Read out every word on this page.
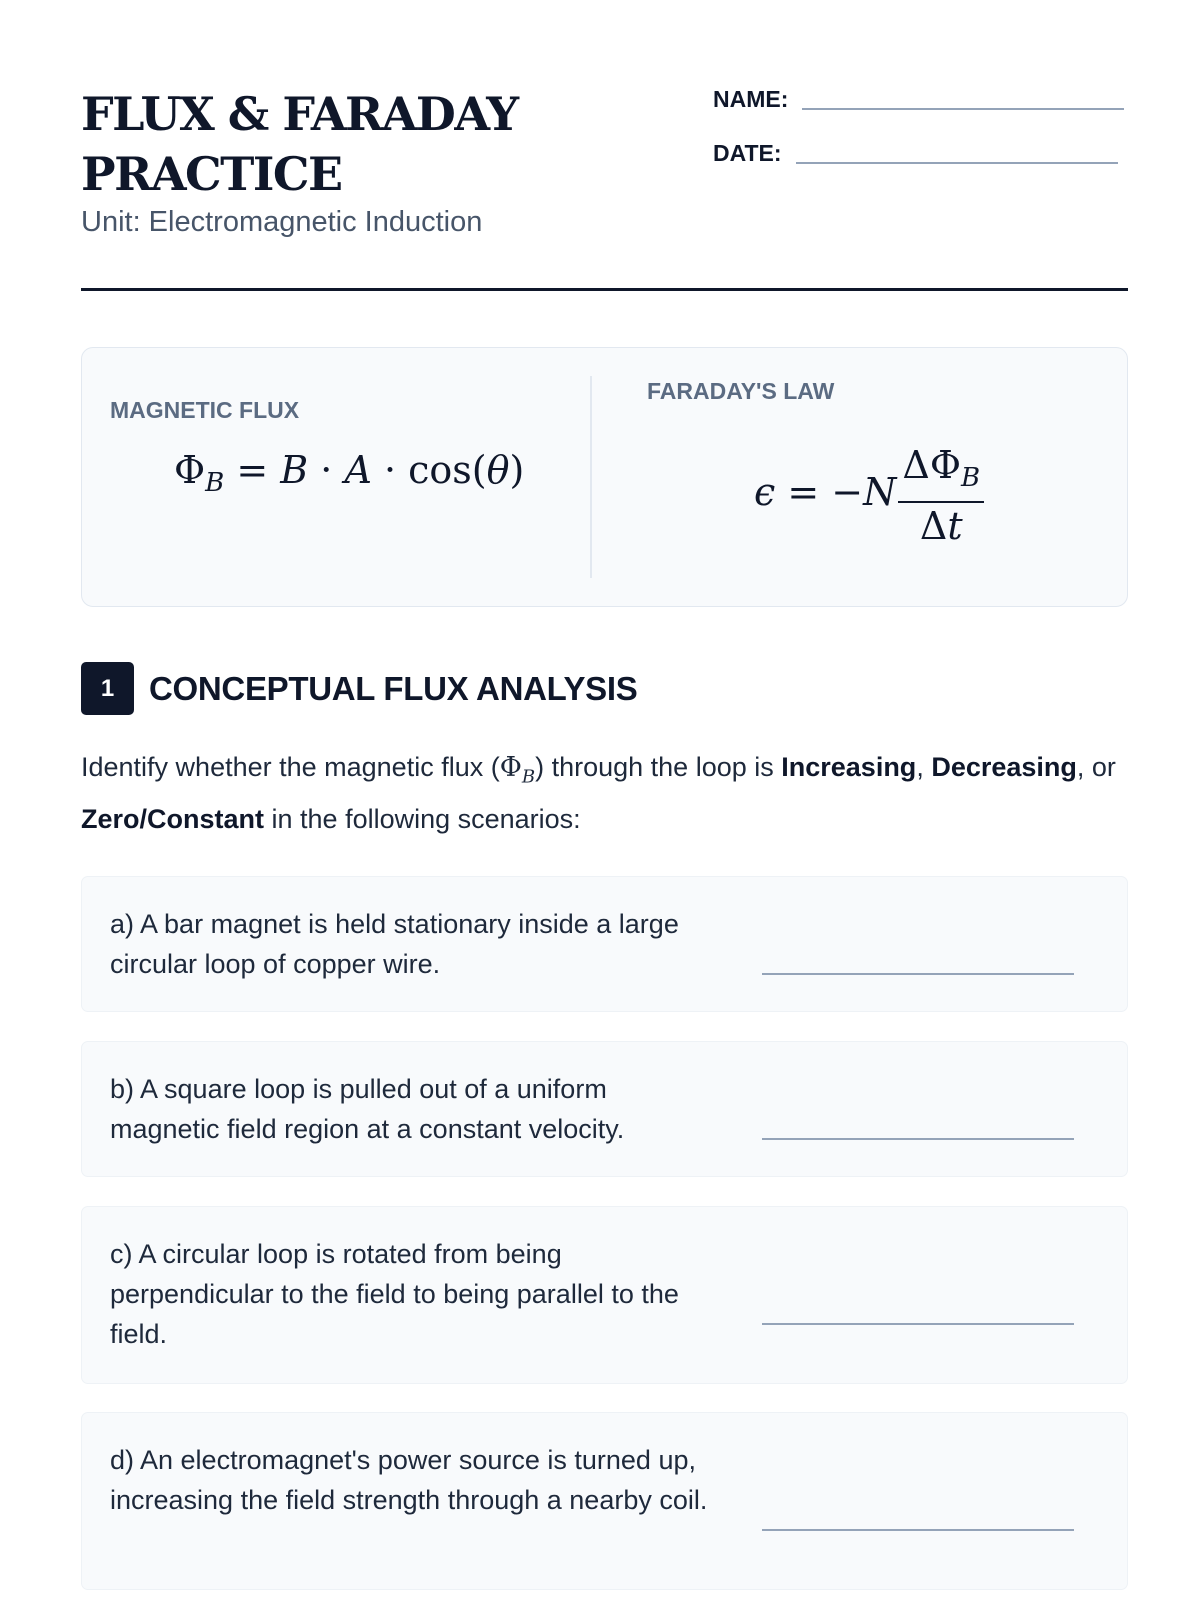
FLUX & FARADAY PRACTICE
Unit: Electromagnetic Induction
NAME:
DATE:
MAGNETIC FLUX
$\Phi_B = B \cdot A \cdot \cos(\theta)$
FARADAY'S LAW
$\epsilon = -N \frac{\Delta\Phi_B}{\Delta t}$
1	CONCEPTUAL FLUX ANALYSIS
Identify whether the magnetic flux $(\Phi_B)$ through the loop is Increasing, Decreasing, or Zero/Constant in the following scenarios:
a) A bar magnet is held stationary inside a large circular loop of copper wire.
b) A square loop is pulled out of a uniform magnetic field region at a constant velocity.
c) A circular loop is rotated from being perpendicular to the field to being parallel to the field.
d) An electromagnet's power source is turned up, increasing the field strength through a nearby coil.
